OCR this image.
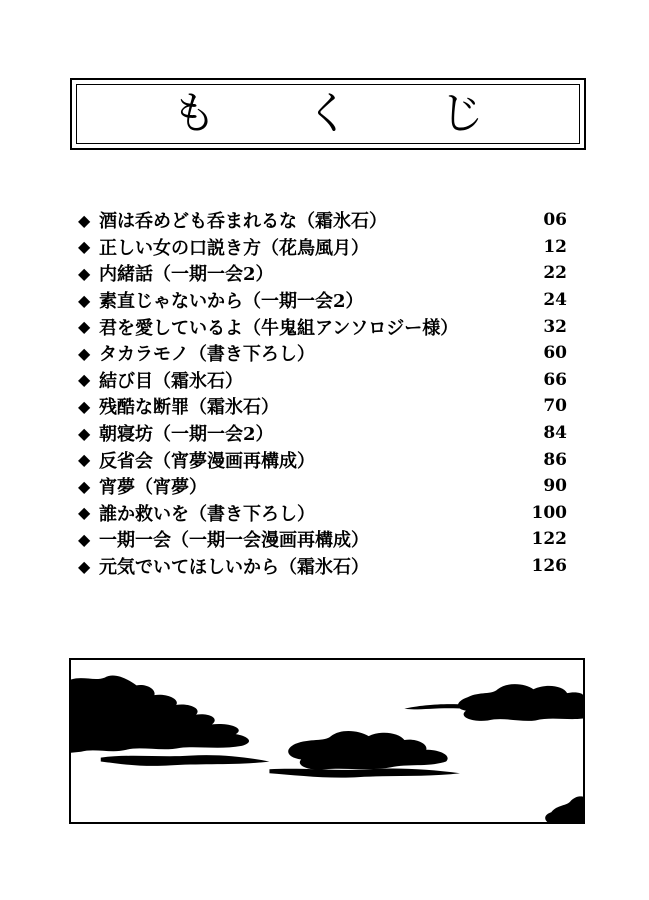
も く じ
◆ 酒は呑めども呑まれるな（霜氷石）	06
◆ 正しい女の口説き方（花鳥風月）	12
◆ 内緒話（一期一会2）	22
◆ 素直じゃないから（一期一会2）	24
◆ 君を愛しているよ（牛鬼組アンソロジー様）	32
◆ タカラモノ（書き下ろし）	60
◆ 結び目（霜氷石）	66
◆ 残酷な断罪（霜氷石）	70
◆ 朝寝坊（一期一会2）	84
◆ 反省会（宵夢漫画再構成）	86
◆ 宵夢（宵夢）	90
◆ 誰か救いを（書き下ろし）	100
◆ 一期一会（一期一会漫画再構成）	122
◆ 元気でいてほしいから（霜氷石）	126
